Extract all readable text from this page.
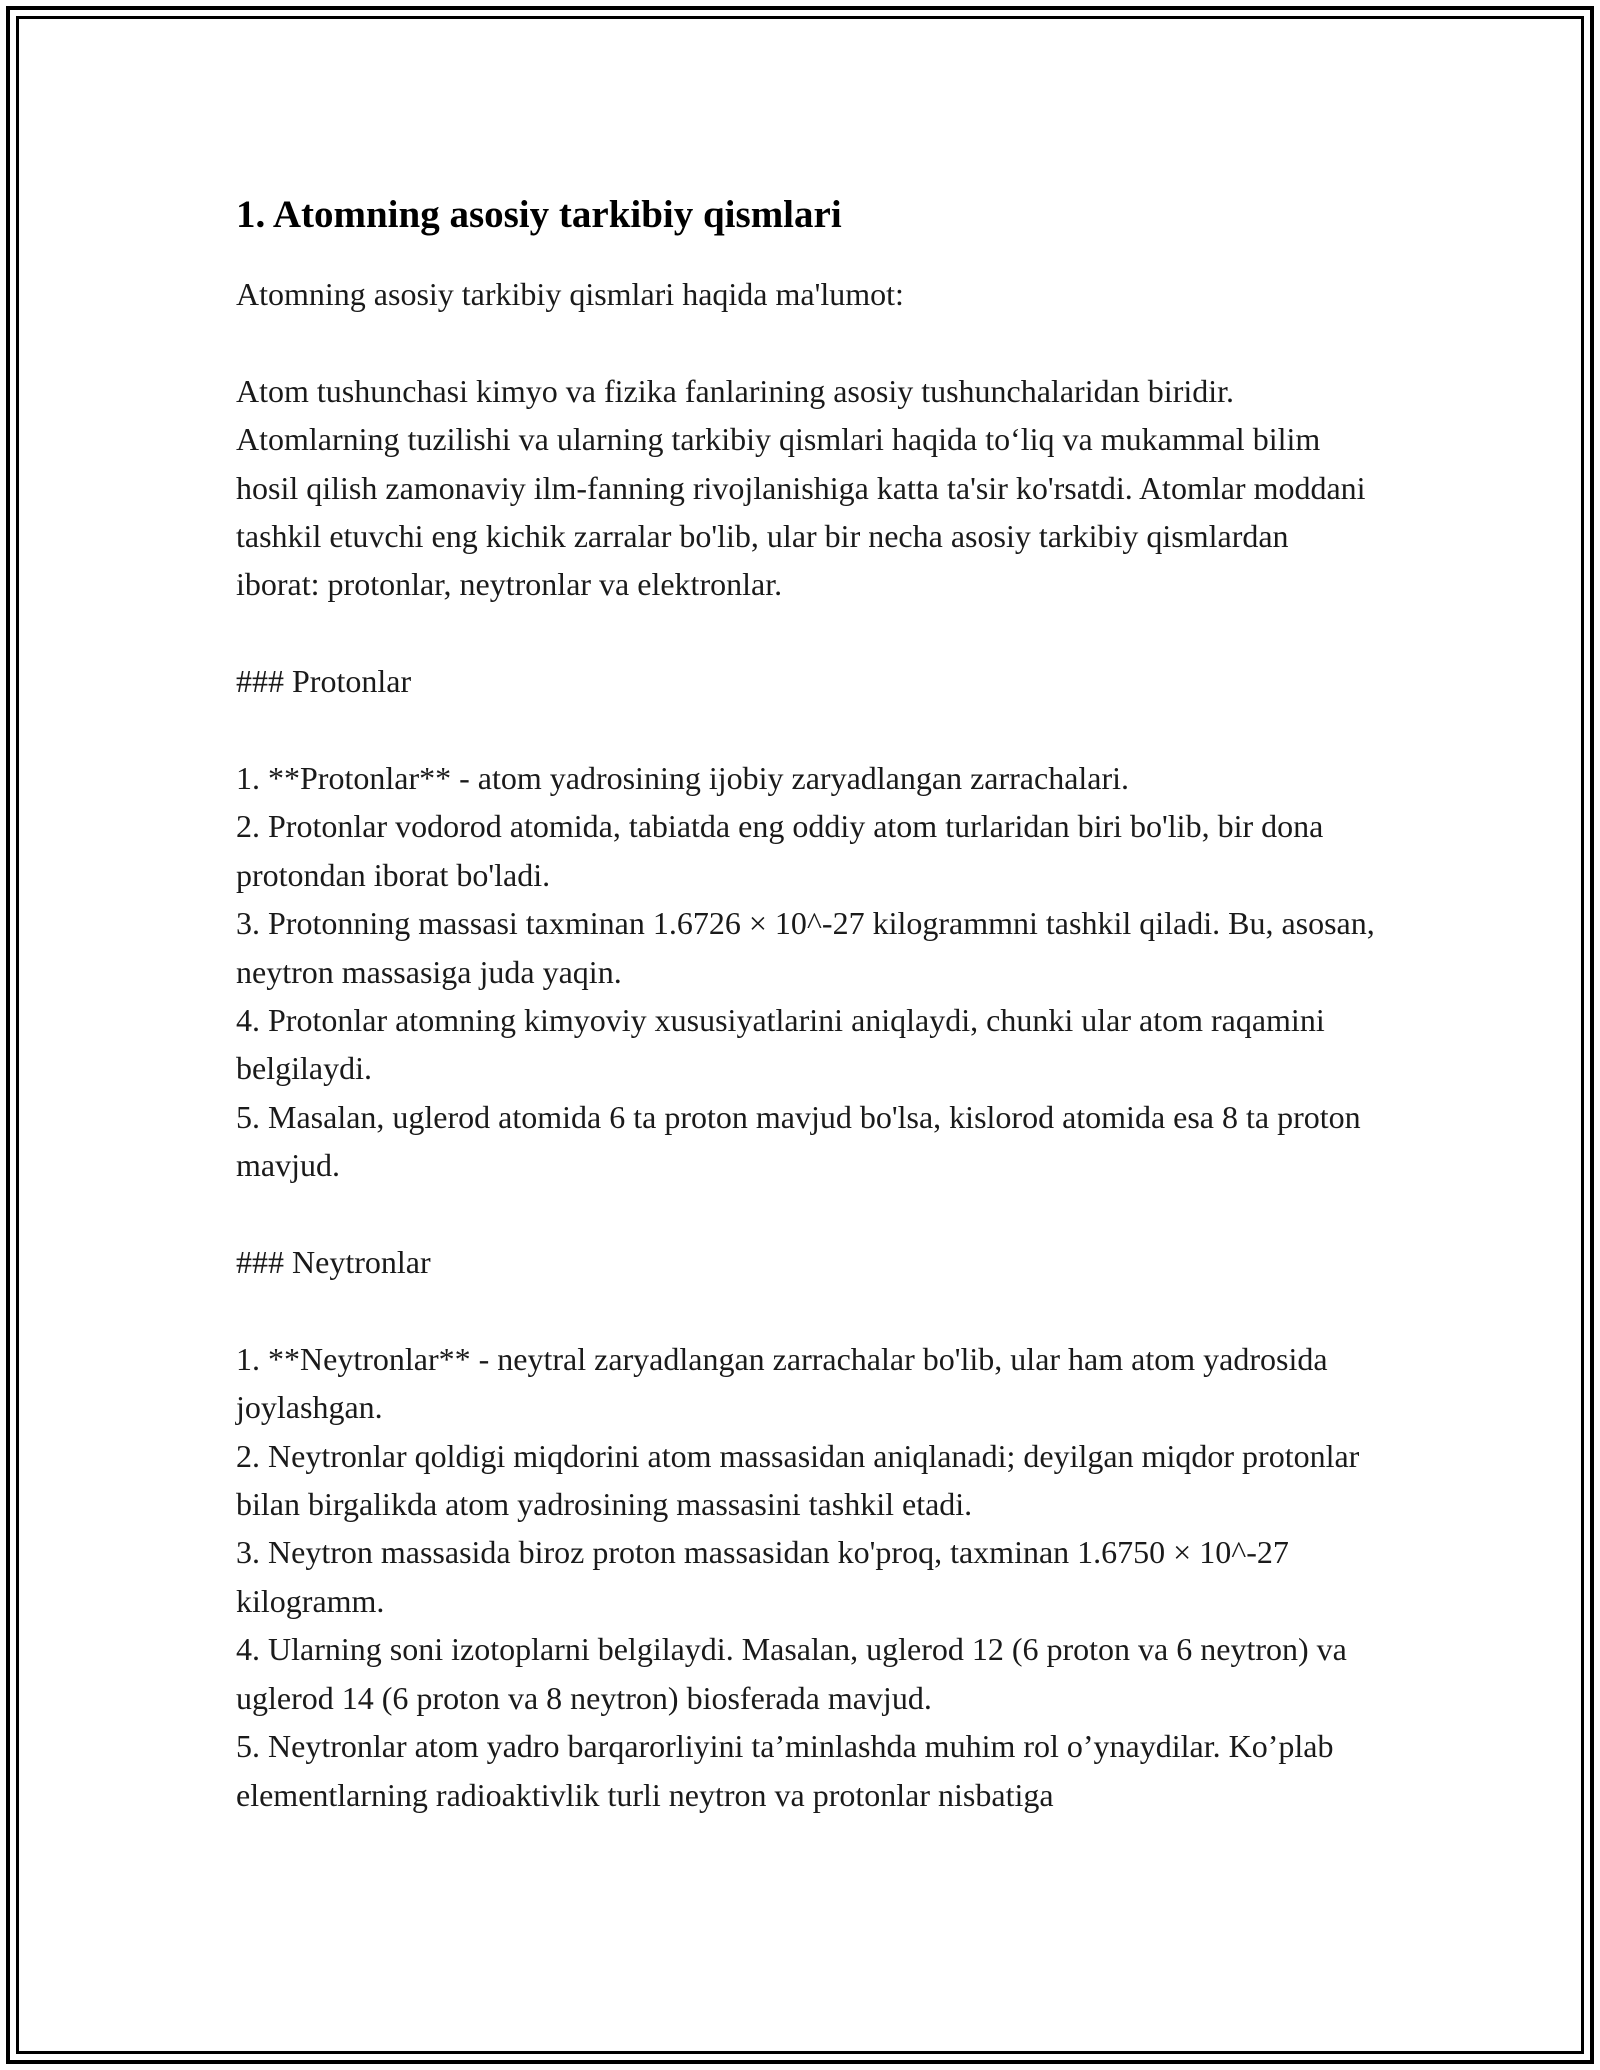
1. Atomning asosiy tarkibiy qismlari

Atomning asosiy tarkibiy qismlari haqida ma'lumot:

Atom tushunchasi kimyo va fizika fanlarining asosiy tushunchalaridan biridir. Atomlarning tuzilishi va ularning tarkibiy qismlari haqida to‘liq va mukammal bilim hosil qilish zamonaviy ilm-fanning rivojlanishiga katta ta'sir ko'rsatdi. Atomlar moddani tashkil etuvchi eng kichik zarralar bo'lib, ular bir necha asosiy tarkibiy qismlardan iborat: protonlar, neytronlar va elektronlar.

### Protonlar

1. **Protonlar** - atom yadrosining ijobiy zaryadlangan zarrachalari.

2. Protonlar vodorod atomida, tabiatda eng oddiy atom turlaridan biri bo'lib, bir dona protondan iborat bo'ladi.

3. Protonning massasi taxminan 1.6726 × 10^-27 kilogrammni tashkil qiladi. Bu, asosan, neytron massasiga juda yaqin.

4. Protonlar atomning kimyoviy xususiyatlarini aniqlaydi, chunki ular atom raqamini belgilaydi.

5. Masalan, uglerod atomida 6 ta proton mavjud bo'lsa, kislorod atomida esa 8 ta proton mavjud.

### Neytronlar

1. **Neytronlar** - neytral zaryadlangan zarrachalar bo'lib, ular ham atom yadrosida joylashgan.

2. Neytronlar qoldigi miqdorini atom massasidan aniqlanadi; deyilgan miqdor protonlar bilan birgalikda atom yadrosining massasini tashkil etadi.

3. Neytron massasida biroz proton massasidan ko'proq, taxminan 1.6750 × 10^-27 kilogramm.

4. Ularning soni izotoplarni belgilaydi. Masalan, uglerod 12 (6 proton va 6 neytron) va uglerod 14 (6 proton va 8 neytron) biosferada mavjud.

5. Neytronlar atom yadro barqarorliyini ta’minlashda muhim rol o’ynaydilar. Ko’plab elementlarning radioaktivlik turli neytron va protonlar nisbatiga
